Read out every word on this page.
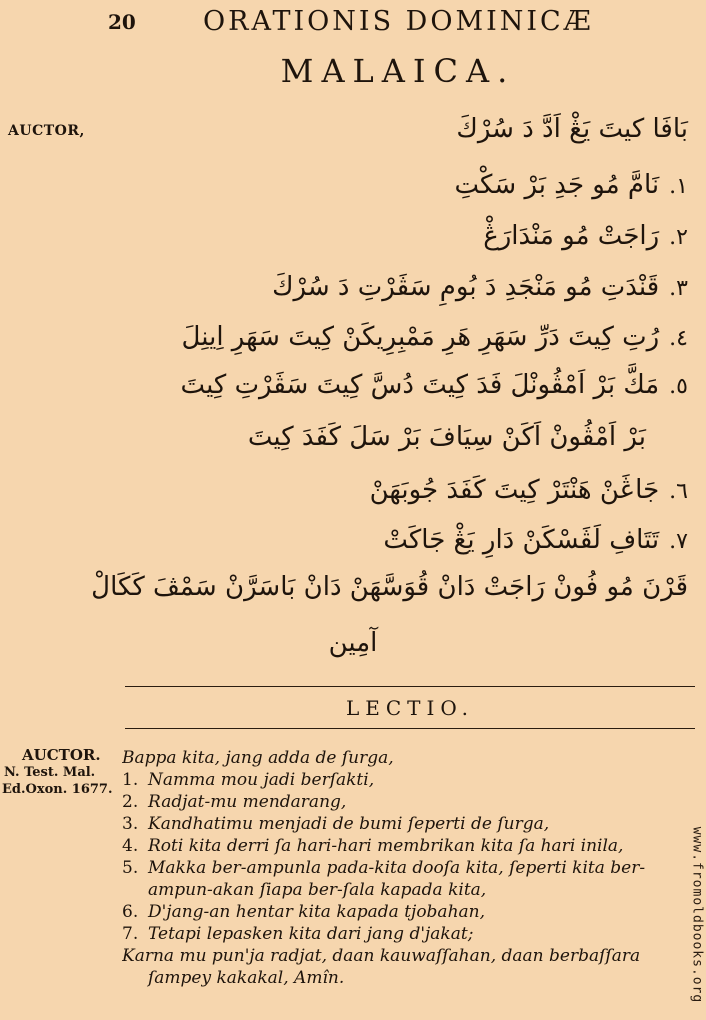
20 ORATIONIS DOMINICÆ
MALAICA.
AUCTOR,	بَافَا كيتَ يَڠْ اَدَّ دَ سُرْكَ
١.نَامَّ مُو جَدِ بَرْ سَكْتِ
٢.رَاجَتْ مُو مَنْدَارَڠْ
٣.قَنْدَتِ مُو مَنْجَدِ دَ بُومِ سَڤَرْتِ دَ سُرْكَ
٤.رُتِ كِيتَ دَرِّ سَهَرِ هَرِ مَمْبِرِيكَنْ كِيتَ سَهَرِ اِينِلَ
٥.مَكَّ بَرْ اَمْڤُونْلَ فَدَ كِيتَ دُسَّ كِيتَ سَڤَرْتِ كِيتَ
بَرْ اَمْڤُونْ اَكَنْ سِيَافَ بَرْ سَلَ كَفَدَ كِيتَ
٦.جَاڠَنْ هَنْتَرْ كِيتَ كَفَدَ جُوبَهَنْ
٧.تَتَافِ لَڤَسْكَنْ دَارِ يَڠْ جَاكَتْ
قَرْنَ مُو فُونْ رَاجَتْ دَانْ قُوَسَّهَنْ دَانْ بَاسَرَّنْ سَمْڤَ كَكَالْ
آمِين
LECTIO.
AUCTOR.
N. Test. Mal.
Ed.Oxon. 1677.
Bappa kita, jang adda de ſurga,
1. Namma mou jadi berſakti,
2. Radjat-mu mendarang,
3. Kandhatimu menjadi de bumi ſeperti de ſurga,
4. Roti kita derri ſa hari-hari membrikan kita ſa hari inila,
5. Makka ber-ampunla pada-kita dooſa kita, ſeperti kita ber-
ampun-akan ſiapa ber-ſala kapada kita,
6. D'jang-an hentar kita kapada tjobahan,
7. Tetapi lepasken kita dari jang d'jakat;
Karna mu pun'ja radjat, daan kauwaſſahan, daan berbaſſara
ſampey kakakal, Amîn.	www.fromoldbooks.org
